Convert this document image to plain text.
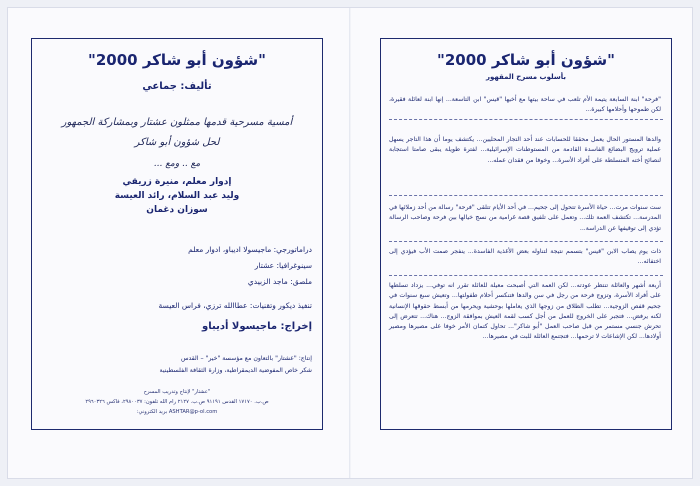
"شؤون أبو شاكر 2000"
تأليف: جماعي
أمسية مسرحية قدمها ممثلون عشتار وبمشاركة الجمهور
لحل شؤون أبو شاكر
مع .. ومع ...
إدوار معلم، منيرة زريقي
وليد عبد السلام، رائد العيسة
سوزان دغمان
دراماتورجي: ماجيسولا اديباو، ادوار معلم
سينوغرافيا: عشتار
ملصق: ماجد الزبيدي
تنفيذ ديكور وتقنيات: عطاالله ترزي، فراس العيسة
إخراج: ماجيسولا أديباو
إنتاج: "عشتار" بالتعاون مع مؤسسة "خير" – القدس
شكر خاص المفوضية الديمقراطية، وزارة الثقافة الفلسطينية
"عشتار" لإنتاج وتدريب المسرح
ص.ب. ١٧١٧٠ القدس ٩١١٩١ ص.ب. ٢١٢٧ رام الله تلفون: ٢٩٨٠٠٣٧، فاكس ٢٩٦٠٣٢٦
ASHTAR@p-ol.com بريد الكتروني:
"شؤون أبو شاكر 2000"
بأسلوب مسرح المقهور
"فرحة" ابنة السابعة يتيمة الأم تلعب في ساحة بيتها مع أخيها "قيس" ابن التاسعة... إنها ابنة لعائلة فقيرة، لكن طموحها وأحلامها كبيرة...
والدها المستور الحال يعمل محققا للحسابات عند أحد التجار المحليين... يكتشف يوما أن هذا التاجر يسهل عملية ترويج البضائع الفاسدة القادمة من المستوطنات الإسرائيلية... لفترة طويلة يبقى صامتا استجابة لنصائح أخته المتسلطة على أفراد الأسرة... وخوفا من فقدان عمله...
ست سنوات مرت... حياة الأسرة تتحول إلى جحيم... في أحد الأيام تتلقى "فرحة" رسالة من أحد زملائها في المدرسة... تكتشف العمة تلك... وتعمل على تلفيق قصة غرامية من نسج خيالها بين فرحة وصاحب الرسالة تؤدي إلى توقيفها عن الدراسة...
ذات يوم يصاب الابن "قيس" بتسمم نتيجة لتناوله بعض الأغذية الفاسدة... ينفجر صمت الأب فيؤدي إلى اختفائه...
أربعة أشهر والعائلة تنتظر عودته... لكن العمة التي أصبحت معيلة للعائلة تقرر انه توفي... يزداد تسلطها على أفراد الأسرة، وتزوج فرحة من رجل في سن والدها فتنكسر أحلام طفولتها... وتعيش سبع سنوات في جحيم قفص الزوجية... تطلب الطلاق من زوجها الذي يعاملها بوحشية ويحرمها من أبسط حقوقها الإنسانية لكنه يرفض... فتجبر على الخروج للعمل من أجل كسب لقمة العيش بموافقة الزوج... هناك... تتعرض إلى تحرش جنسي مستمر من قبل صاحب العمل "أبو شاكر"... تحاول كتمان الأمر خوفا على مصيرها ومصير أولادها... لكن الإشاعات لا ترحمها... فتجتمع العائلة للبت في مصيرها...
